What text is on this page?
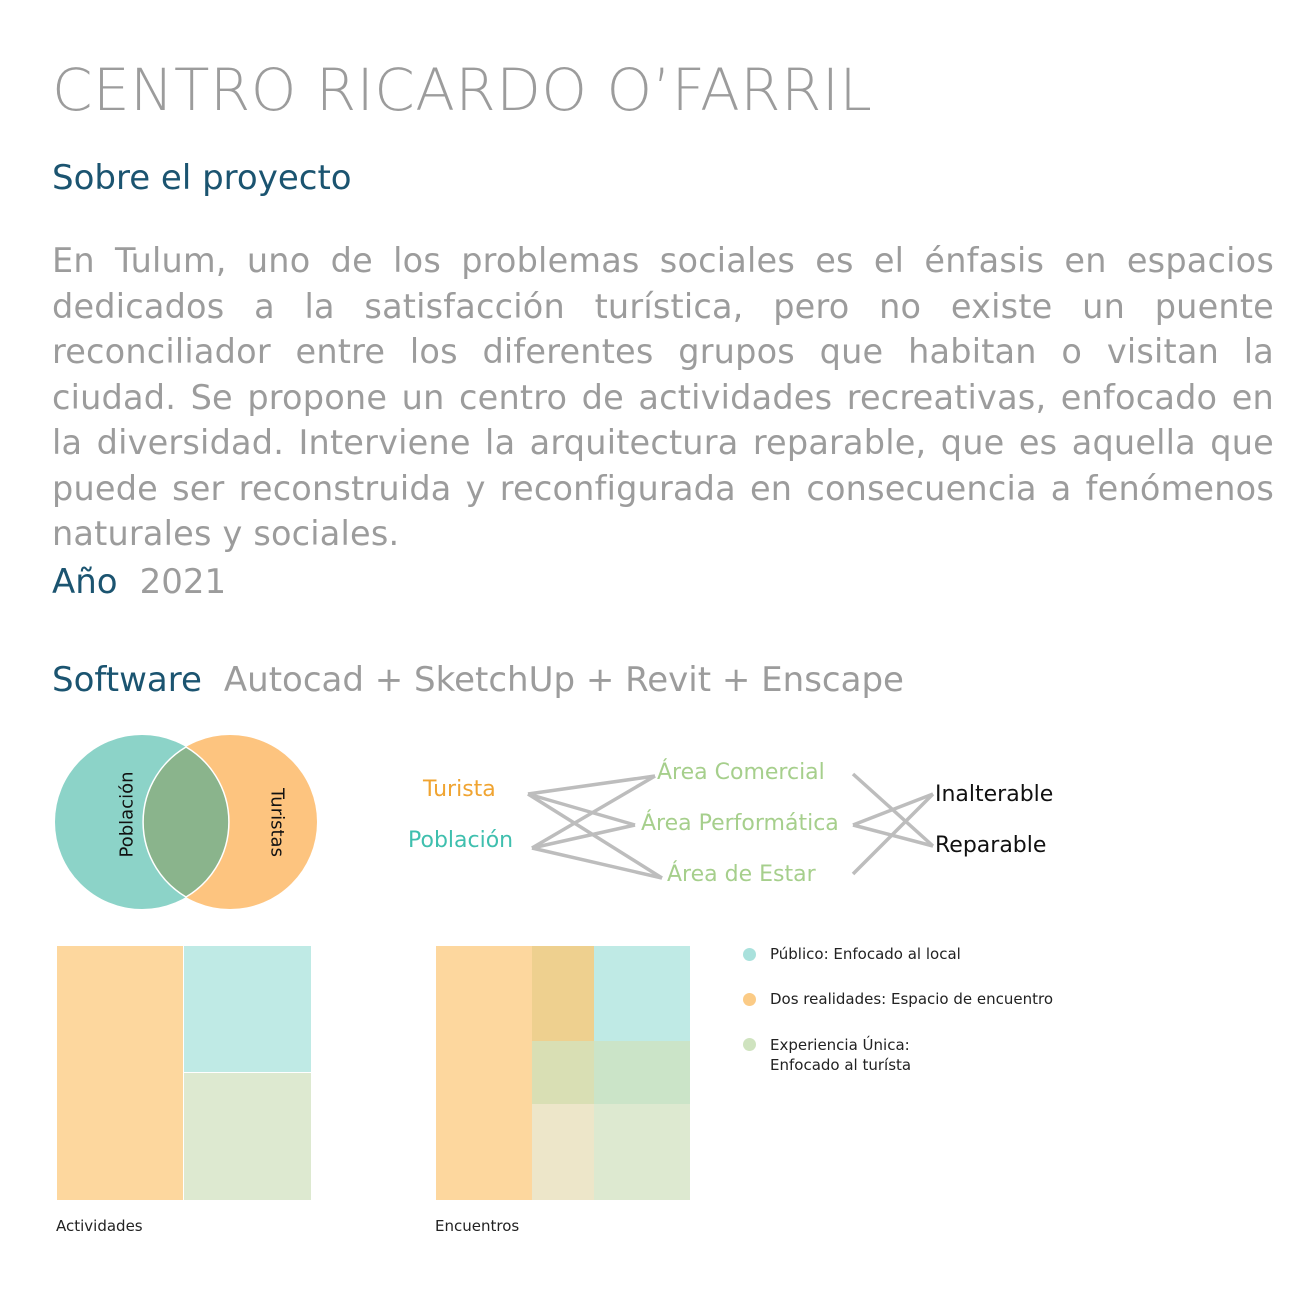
CENTRO RICARDO O’FARRIL
Sobre el proyecto
En Tulum, uno de los problemas sociales es el énfasis en espacios dedicados a la satisfacción turística, pero no existe un puente reconciliador entre los diferentes grupos que habitan o visitan la ciudad. Se propone un centro de actividades recreativas, enfocado en la diversidad. Interviene la arquitectura reparable, que es aquella que puede ser reconstruida y reconfigurada en consecuencia a fenómenos naturales y sociales.
Año 2021
Software Autocad + SketchUp + Revit + Enscape
Población	Turistas	Turista
Población
Área Comercial
Área Performática
Área de Estar
Inalterable
Reparable
Actividades	Encuentros
Público: Enfocado al local
Dos realidades: Espacio de encuentro
Experiencia Única:
Enfocado al turísta
